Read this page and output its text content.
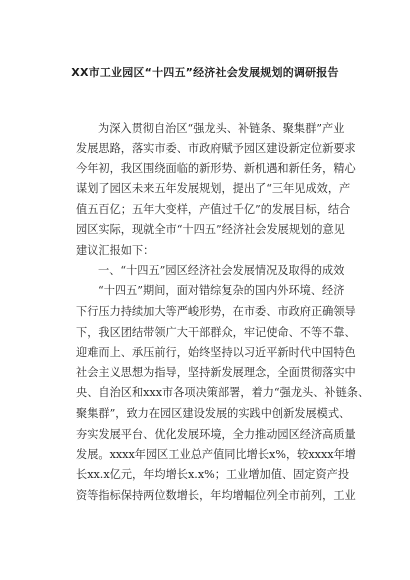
XX市工业园区“十四五”经济社会发展规划的调研报告
为深入贯彻自治区“强龙头、补链条、聚集群”产业
发展思路，落实市委、市政府赋予园区建设新定位新要求
今年初，我区围绕面临的新形势、新机遇和新任务，精心
谋划了园区未来五年发展规划，提出了“三年见成效，产
值五百亿；五年大变样，产值过千亿”的发展目标，结合
园区实际，现就全市“十四五”经济社会发展规划的意见
建议汇报如下：
一、“十四五”园区经济社会发展情况及取得的成效
“十四五”期间，面对错综复杂的国内外环境、经济
下行压力持续加大等严峻形势，在市委、市政府正确领导
下，我区团结带领广大干部群众，牢记使命、不等不靠、
迎难而上、承压前行，始终坚持以习近平新时代中国特色
社会主义思想为指导，坚持新发展理念，全面贯彻落实中
央、自治区和xxx市各项决策部署，着力“强龙头、补链条、
聚集群”，致力在园区建设发展的实践中创新发展模式、
夯实发展平台、优化发展环境，全力推动园区经济高质量
发展。xxxx年园区工业总产值同比增长x%，较xxxx年增
长xx.x亿元，年均增长x.x%；工业增加值、固定资产投
资等指标保持两位数增长，年均增幅位列全市前列，工业
